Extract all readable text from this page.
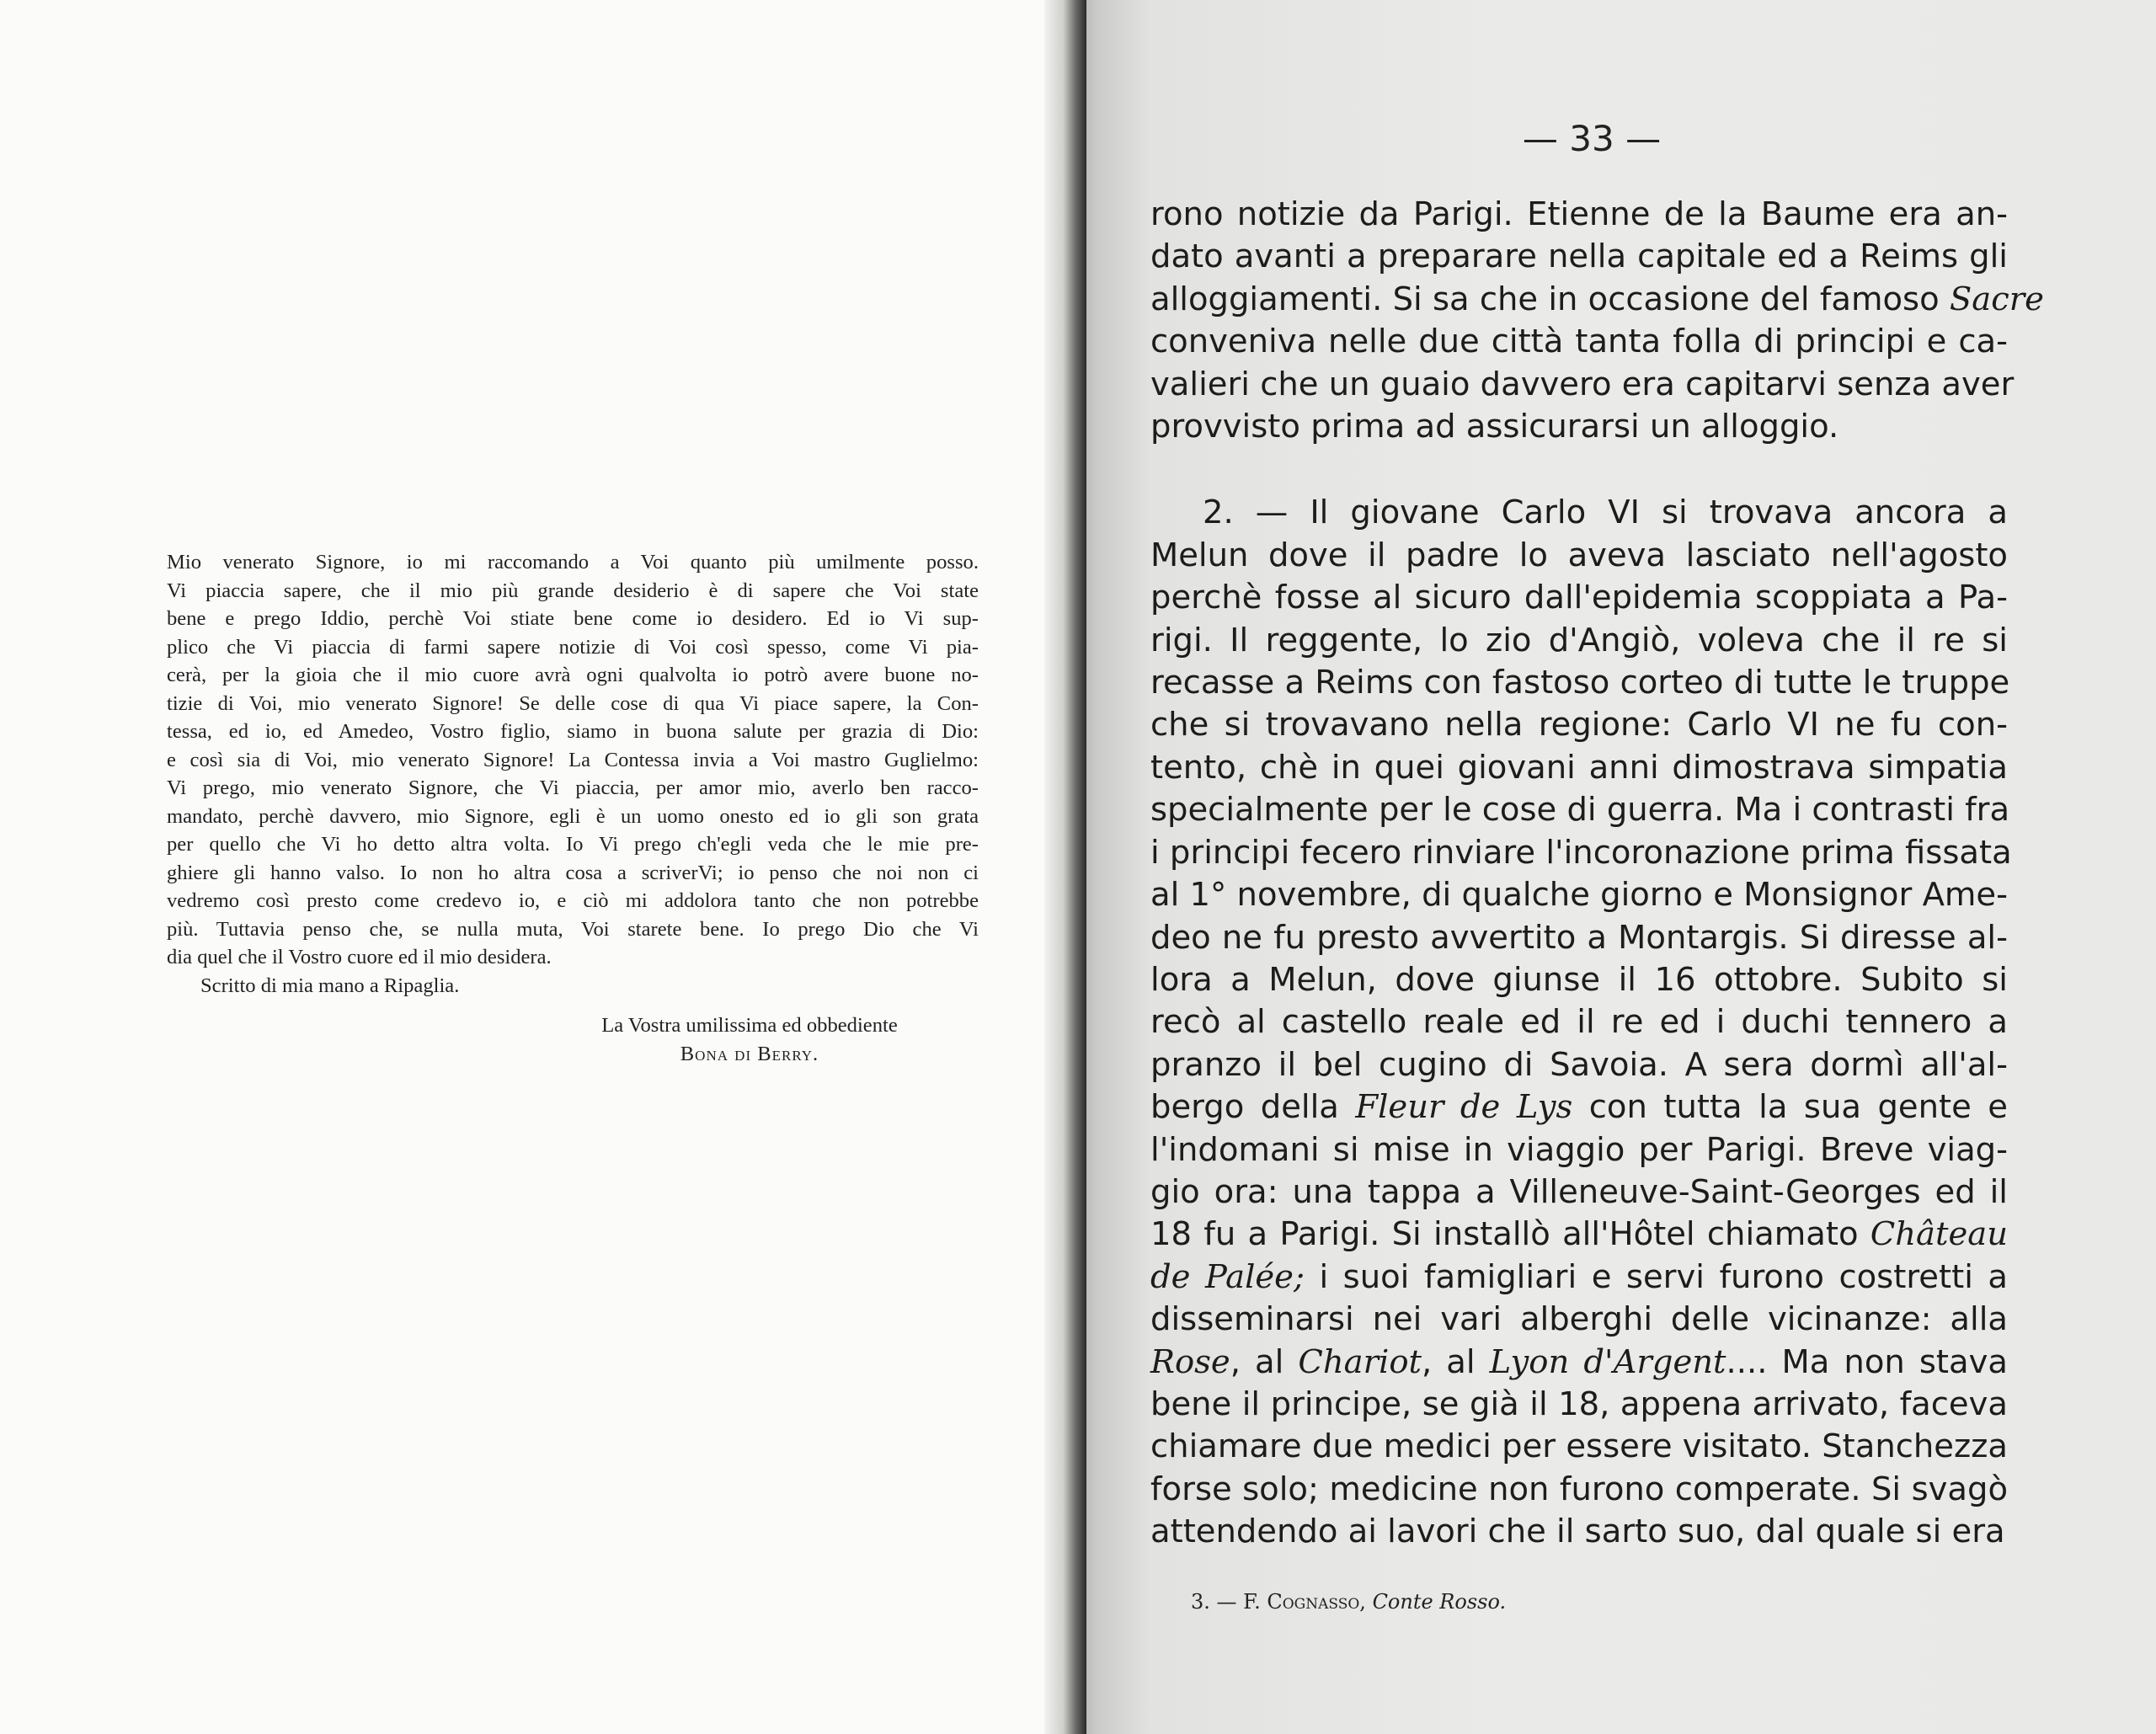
Mio venerato Signore, io mi raccomando a Voi quanto più umilmente posso.
Vi piaccia sapere, che il mio più grande desiderio è di sapere che Voi state
bene e prego Iddio, perchè Voi stiate bene come io desidero. Ed io Vi sup-
plico che Vi piaccia di farmi sapere notizie di Voi così spesso, come Vi pia-
cerà, per la gioia che il mio cuore avrà ogni qualvolta io potrò avere buone no-
tizie di Voi, mio venerato Signore! Se delle cose di qua Vi piace sapere, la Con-
tessa, ed io, ed Amedeo, Vostro figlio, siamo in buona salute per grazia di Dio:
e così sia di Voi, mio venerato Signore! La Contessa invia a Voi mastro Guglielmo:
Vi prego, mio venerato Signore, che Vi piaccia, per amor mio, averlo ben racco-
mandato, perchè davvero, mio Signore, egli è un uomo onesto ed io gli son grata
per quello che Vi ho detto altra volta. Io Vi prego ch'egli veda che le mie pre-
ghiere gli hanno valso. Io non ho altra cosa a scriverVi; io penso che noi non ci
vedremo così presto come credevo io, e ciò mi addolora tanto che non potrebbe
più. Tuttavia penso che, se nulla muta, Voi starete bene. Io prego Dio che Vi
dia quel che il Vostro cuore ed il mio desidera.
Scritto di mia mano a Ripaglia.
La Vostra umilissima ed obbediente
Bona di Berry.
— 33 —
rono notizie da Parigi. Etienne de la Baume era an-
dato avanti a preparare nella capitale ed a Reims gli
alloggiamenti. Si sa che in occasione del famoso Sacre
conveniva nelle due città tanta folla di principi e ca-
valieri che un guaio davvero era capitarvi senza aver
provvisto prima ad assicurarsi un alloggio.
2. — Il giovane Carlo VI si trovava ancora a
Melun dove il padre lo aveva lasciato nell'agosto
perchè fosse al sicuro dall'epidemia scoppiata a Pa-
rigi. Il reggente, lo zio d'Angiò, voleva che il re si
recasse a Reims con fastoso corteo di tutte le truppe
che si trovavano nella regione: Carlo VI ne fu con-
tento, chè in quei giovani anni dimostrava simpatia
specialmente per le cose di guerra. Ma i contrasti fra
i principi fecero rinviare l'incoronazione prima fissata
al 1° novembre, di qualche giorno e Monsignor Ame-
deo ne fu presto avvertito a Montargis. Si diresse al-
lora a Melun, dove giunse il 16 ottobre. Subito si
recò al castello reale ed il re ed i duchi tennero a
pranzo il bel cugino di Savoia. A sera dormì all'al-
bergo della Fleur de Lys con tutta la sua gente e
l'indomani si mise in viaggio per Parigi. Breve viag-
gio ora: una tappa a Villeneuve-Saint-Georges ed il
18 fu a Parigi. Si installò all'Hôtel chiamato Château
de Palée; i suoi famigliari e servi furono costretti a
disseminarsi nei vari alberghi delle vicinanze: alla
Rose, al Chariot, al Lyon d'Argent.... Ma non stava
bene il principe, se già il 18, appena arrivato, faceva
chiamare due medici per essere visitato. Stanchezza
forse solo; medicine non furono comperate. Si svagò
attendendo ai lavori che il sarto suo, dal quale si era
3. — F. Cognasso, Conte Rosso.
